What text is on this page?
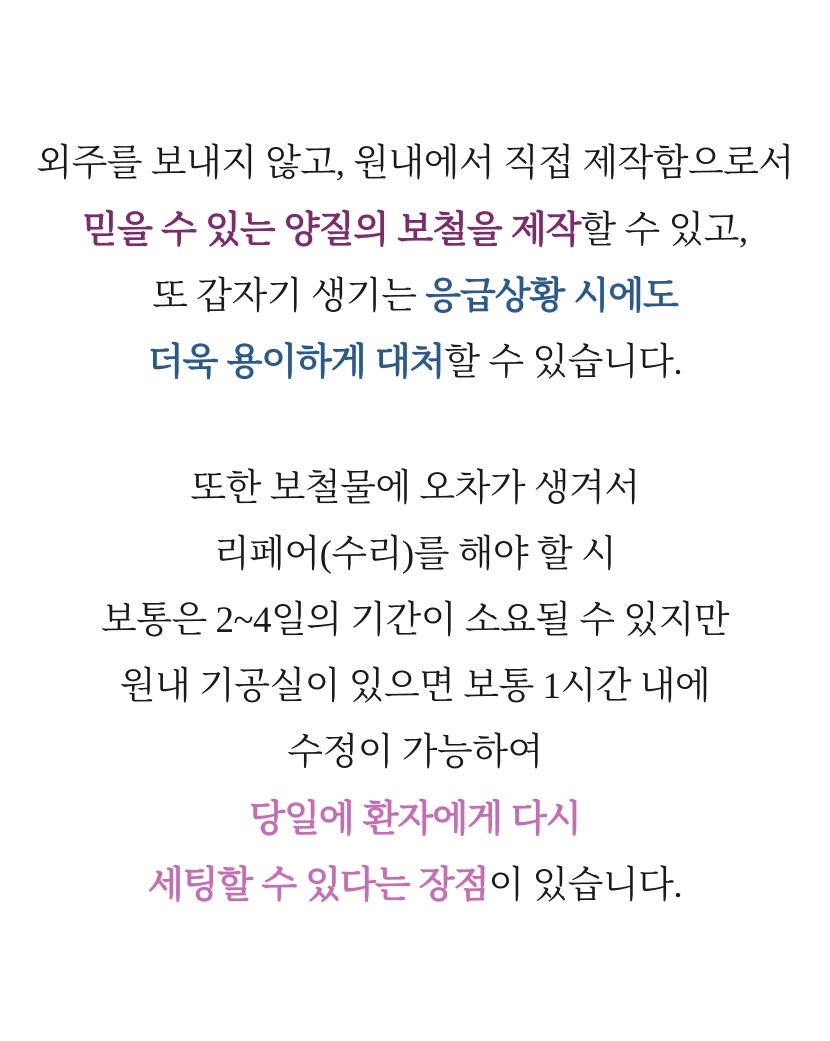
외주를 보내지 않고, 원내에서 직접 제작함으로서
믿을 수 있는 양질의 보철을 제작할 수 있고,
또 갑자기 생기는 응급상황 시에도
더욱 용이하게 대처할 수 있습니다.
또한 보철물에 오차가 생겨서
리페어(수리)를 해야 할 시
보통은 2~4일의 기간이 소요될 수 있지만
원내 기공실이 있으면 보통 1시간 내에
수정이 가능하여
당일에 환자에게 다시
세팅할 수 있다는 장점이 있습니다.
